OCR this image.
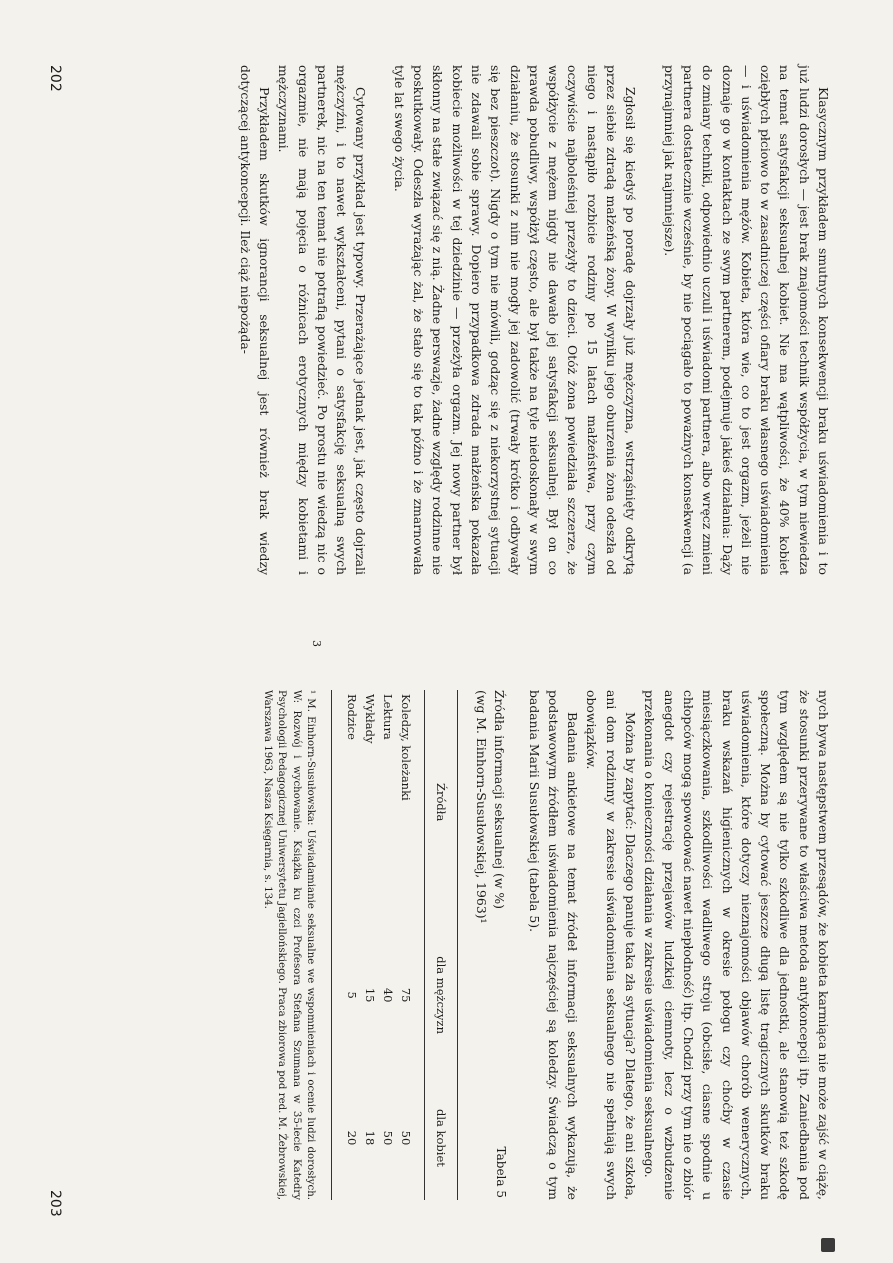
Klasycznym przykładem smutnych konsekwencji braku uświadomienia i to już ludzi dorosłych — jest brak znajomości technik współżycia, w tym niewiedza na temat satysfakcji seksualnej kobiet. Nie ma wątpliwości, że 40% kobiet oziębłych płciowo to w zasadniczej części ofiary braku własnego uświadomienia — i uświadomienia mężów. Kobieta, która wie, co to jest orgazm, jeżeli nie doznaje go w kontaktach ze swym partnerem, podejmuje jakieś działania: Dąży do zmiany techniki, odpowiednio uczuli i uświadomi partnera, albo wręcz zmieni partnera dostatecznie wcześnie, by nie pociągało to poważnych konsekwencji (a przynajmniej jak najmniejsze).

Zgłosił się kiedyś po poradę dojrzały już mężczyzna, wstrząśnięty odkrytą przez siebie zdradą małżeńską żony. W wyniku jego oburzenia żona odeszła od niego i nastąpiło rozbicie rodziny po 15 latach małżeństwa, przy czym oczywiście najboleśniej przeżyły to dzieci. Otóż żona powiedziała szczerze, że współżycie z mężem nigdy nie dawało jej satysfakcji seksualnej. Był on co prawda pobudliwy, współżył często, ale był także na tyle niedoskonały w swym działaniu, że stosunki z nim nie mogły jej zadowolić (trwały krótko i odbywały się bez pieszczot). Nigdy o tym nie mówili, godząc się z niekorzystnej sytuacji nie zdawali sobie sprawy. Dopiero przypadkowa zdrada małżeńska pokazała kobiecie możliwości w tej dziedzinie — przeżyła orgazm. Jej nowy partner był skłonny na stałe związać się z nią. Żadne perswazje, żadne względy rodzinne nie poskutkowały. Odeszła wyrażając żal, że stało się to tak późno i że zmarnowała tyle lat swego życia.

Cytowany przykład jest typowy. Przerażające jednak jest, jak często dojrzali mężczyźni, i to nawet wykształceni, pytani o satysfakcję seksualną swych partnerek, nic na ten temat nie potrafią powiedzieć. Po prostu nie wiedzą nic o orgazmie, nie mają pojęcia o różnicach erotycznych między kobietami i mężczyznami.

Przykładem skutków ignorancji seksualnej jest również brak wiedzy dotyczącej antykoncepcji. Ileż ciąż niepożąda-

3
202

nych bywa następstwem przesądów, że kobieta karmiąca nie może zajść w ciążę, że stosunki przerywane to właściwa metoda antykoncepcji itp. Zaniedbania pod tym względem są nie tylko szkodliwe dla jednostki, ale stanowią też szkodę społeczną. Można by cytować jeszcze długą listę tragicznych skutków braku uświadomienia, które dotyczy nieznajomości objawów chorób wenerycznych, braku wskazań higienicznych w okresie połogu czy choćby w czasie miesiączkowania, szkodliwości wadliwego stroju (obcisłe, ciasne spodnie u chłopców mogą spowodować nawet niepłodność) itp. Chodzi przy tym nie o zbiór anegdot czy rejestrację przejawów ludzkiej ciemnoty, lecz o wzbudzenie przekonania o konieczności działania w zakresie uświadomienia seksualnego.

Można by zapytać: Dlaczego panuje taka zła sytuacja? Dlatego, że ani szkoła, ani dom rodzinny w zakresie uświadomienia seksualnego nie spełniają swych obowiązków.

Badania ankietowe na temat źródeł informacji seksualnych wykazują, że podstawowym źródłem uświadomienia najczęściej są koledzy. Świadczą o tym badania Marii Susułowskiej (tabela 5).

Źródła informacji seksualnej (w %)
(wg M. Einhorn-Susułowskiej, 1963)¹
Tabela 5
Źródła	dla mężczyzn	dla kobiet
Koledzy, koleżanki	75	50
Lektura	40	50
Wykłady	15	18
Rodzice	5	20
¹ M. Einhorn-Susułowska: Uświadamianie seksualne we wspomnieniach i ocenie ludzi dorosłych. W: Rozwój i wychowanie. Książka ku czci Profesora Stefana Szumana w 35-lecie Katedry Psychologii Pedagogicznej Uniwersytetu Jagiellońskiego. Praca zbiorowa pod red. M. Żebrowskiej, Warszawa 1963, Nasza Księgarnia, s. 134.
203
